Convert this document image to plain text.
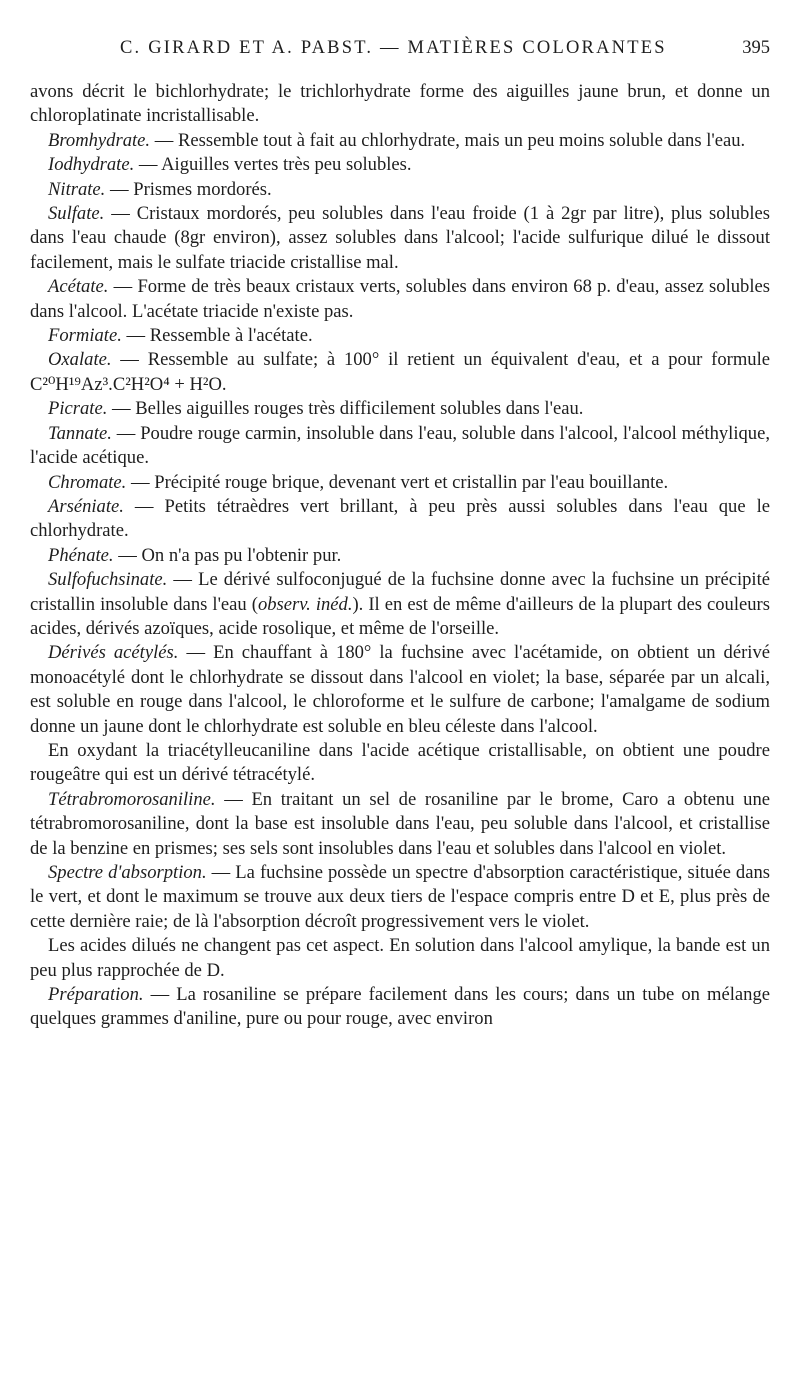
C. GIRARD ET A. PABST. — MATIÈRES COLORANTES	395

avons décrit le bichlorhydrate; le trichlorhydrate forme des aiguilles jaune brun, et donne un chloroplatinate incristallisable.

Bromhydrate. — Ressemble tout à fait au chlorhydrate, mais un peu moins soluble dans l'eau.

Iodhydrate. — Aiguilles vertes très peu solubles.

Nitrate. — Prismes mordorés.

Sulfate. — Cristaux mordorés, peu solubles dans l'eau froide (1 à 2gr par litre), plus solubles dans l'eau chaude (8gr environ), assez solubles dans l'alcool; l'acide sulfurique dilué le dissout facilement, mais le sulfate triacide cristallise mal.

Acétate. — Forme de très beaux cristaux verts, solubles dans environ 68 p. d'eau, assez solubles dans l'alcool. L'acétate triacide n'existe pas.

Formiate. — Ressemble à l'acétate.

Oxalate. — Ressemble au sulfate; à 100° il retient un équivalent d'eau, et a pour formule C²⁰H¹⁹Az³.C²H²O⁴ + H²O.

Picrate. — Belles aiguilles rouges très difficilement solubles dans l'eau.

Tannate. — Poudre rouge carmin, insoluble dans l'eau, soluble dans l'alcool, l'alcool méthylique, l'acide acétique.

Chromate. — Précipité rouge brique, devenant vert et cristallin par l'eau bouillante.

Arséniate. — Petits tétraèdres vert brillant, à peu près aussi solubles dans l'eau que le chlorhydrate.

Phénate. — On n'a pas pu l'obtenir pur.

Sulfofuchsinate. — Le dérivé sulfoconjugué de la fuchsine donne avec la fuchsine un précipité cristallin insoluble dans l'eau (observ. inéd.). Il en est de même d'ailleurs de la plupart des couleurs acides, dérivés azoïques, acide rosolique, et même de l'orseille.

Dérivés acétylés. — En chauffant à 180° la fuchsine avec l'acétamide, on obtient un dérivé monoacétylé dont le chlorhydrate se dissout dans l'alcool en violet; la base, séparée par un alcali, est soluble en rouge dans l'alcool, le chloroforme et le sulfure de carbone; l'amalgame de sodium donne un jaune dont le chlorhydrate est soluble en bleu céleste dans l'alcool.

En oxydant la triacétylleucaniline dans l'acide acétique cristallisable, on obtient une poudre rougeâtre qui est un dérivé tétracétylé.

Tétrabromorosaniline. — En traitant un sel de rosaniline par le brome, Caro a obtenu une tétrabromorosaniline, dont la base est insoluble dans l'eau, peu soluble dans l'alcool, et cristallise de la benzine en prismes; ses sels sont insolubles dans l'eau et solubles dans l'alcool en violet.

Spectre d'absorption. — La fuchsine possède un spectre d'absorption caractéristique, située dans le vert, et dont le maximum se trouve aux deux tiers de l'espace compris entre D et E, plus près de cette dernière raie; de là l'absorption décroît progressivement vers le violet.

Les acides dilués ne changent pas cet aspect. En solution dans l'alcool amylique, la bande est un peu plus rapprochée de D.

Préparation. — La rosaniline se prépare facilement dans les cours; dans un tube on mélange quelques grammes d'aniline, pure ou pour rouge, avec environ
